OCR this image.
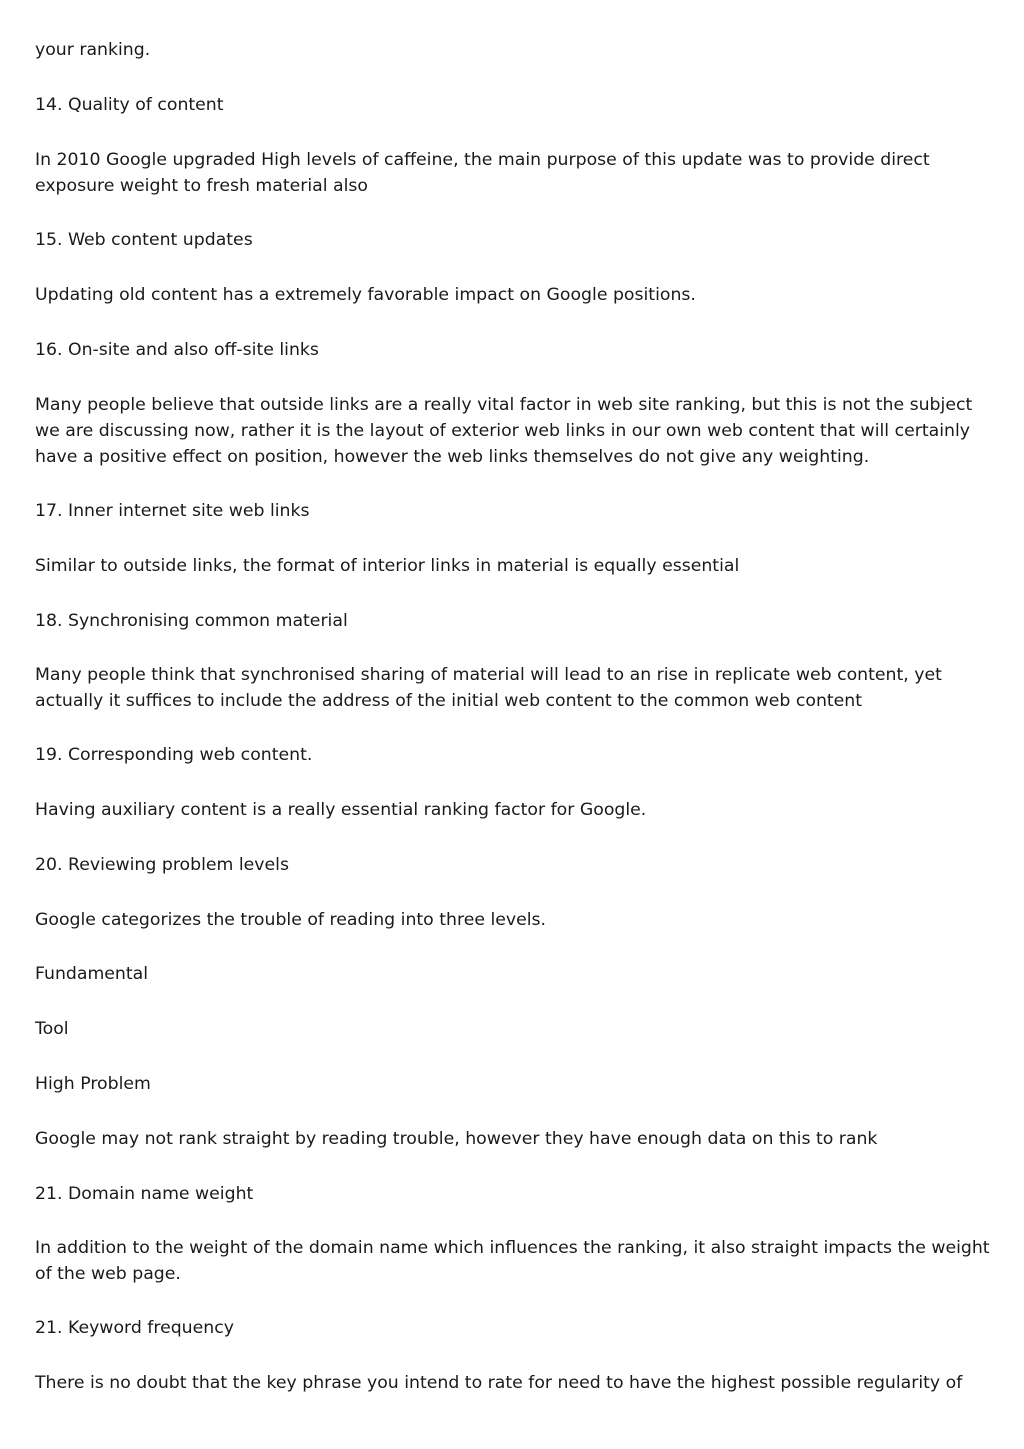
your ranking.

14. Quality of content

In 2010 Google upgraded High levels of caffeine, the main purpose of this update was to provide direct exposure weight to fresh material also

15. Web content updates

Updating old content has a extremely favorable impact on Google positions.

16. On-site and also off-site links

Many people believe that outside links are a really vital factor in web site ranking, but this is not the subject we are discussing now, rather it is the layout of exterior web links in our own web content that will certainly have a positive effect on position, however the web links themselves do not give any weighting.

17. Inner internet site web links

Similar to outside links, the format of interior links in material is equally essential

18. Synchronising common material

Many people think that synchronised sharing of material will lead to an rise in replicate web content, yet actually it suffices to include the address of the initial web content to the common web content

19. Corresponding web content.

Having auxiliary content is a really essential ranking factor for Google.

20. Reviewing problem levels

Google categorizes the trouble of reading into three levels.

Fundamental

Tool

High Problem

Google may not rank straight by reading trouble, however they have enough data on this to rank

21. Domain name weight

In addition to the weight of the domain name which influences the ranking, it also straight impacts the weight of the web page.

21. Keyword frequency

There is no doubt that the key phrase you intend to rate for need to have the highest possible regularity of
